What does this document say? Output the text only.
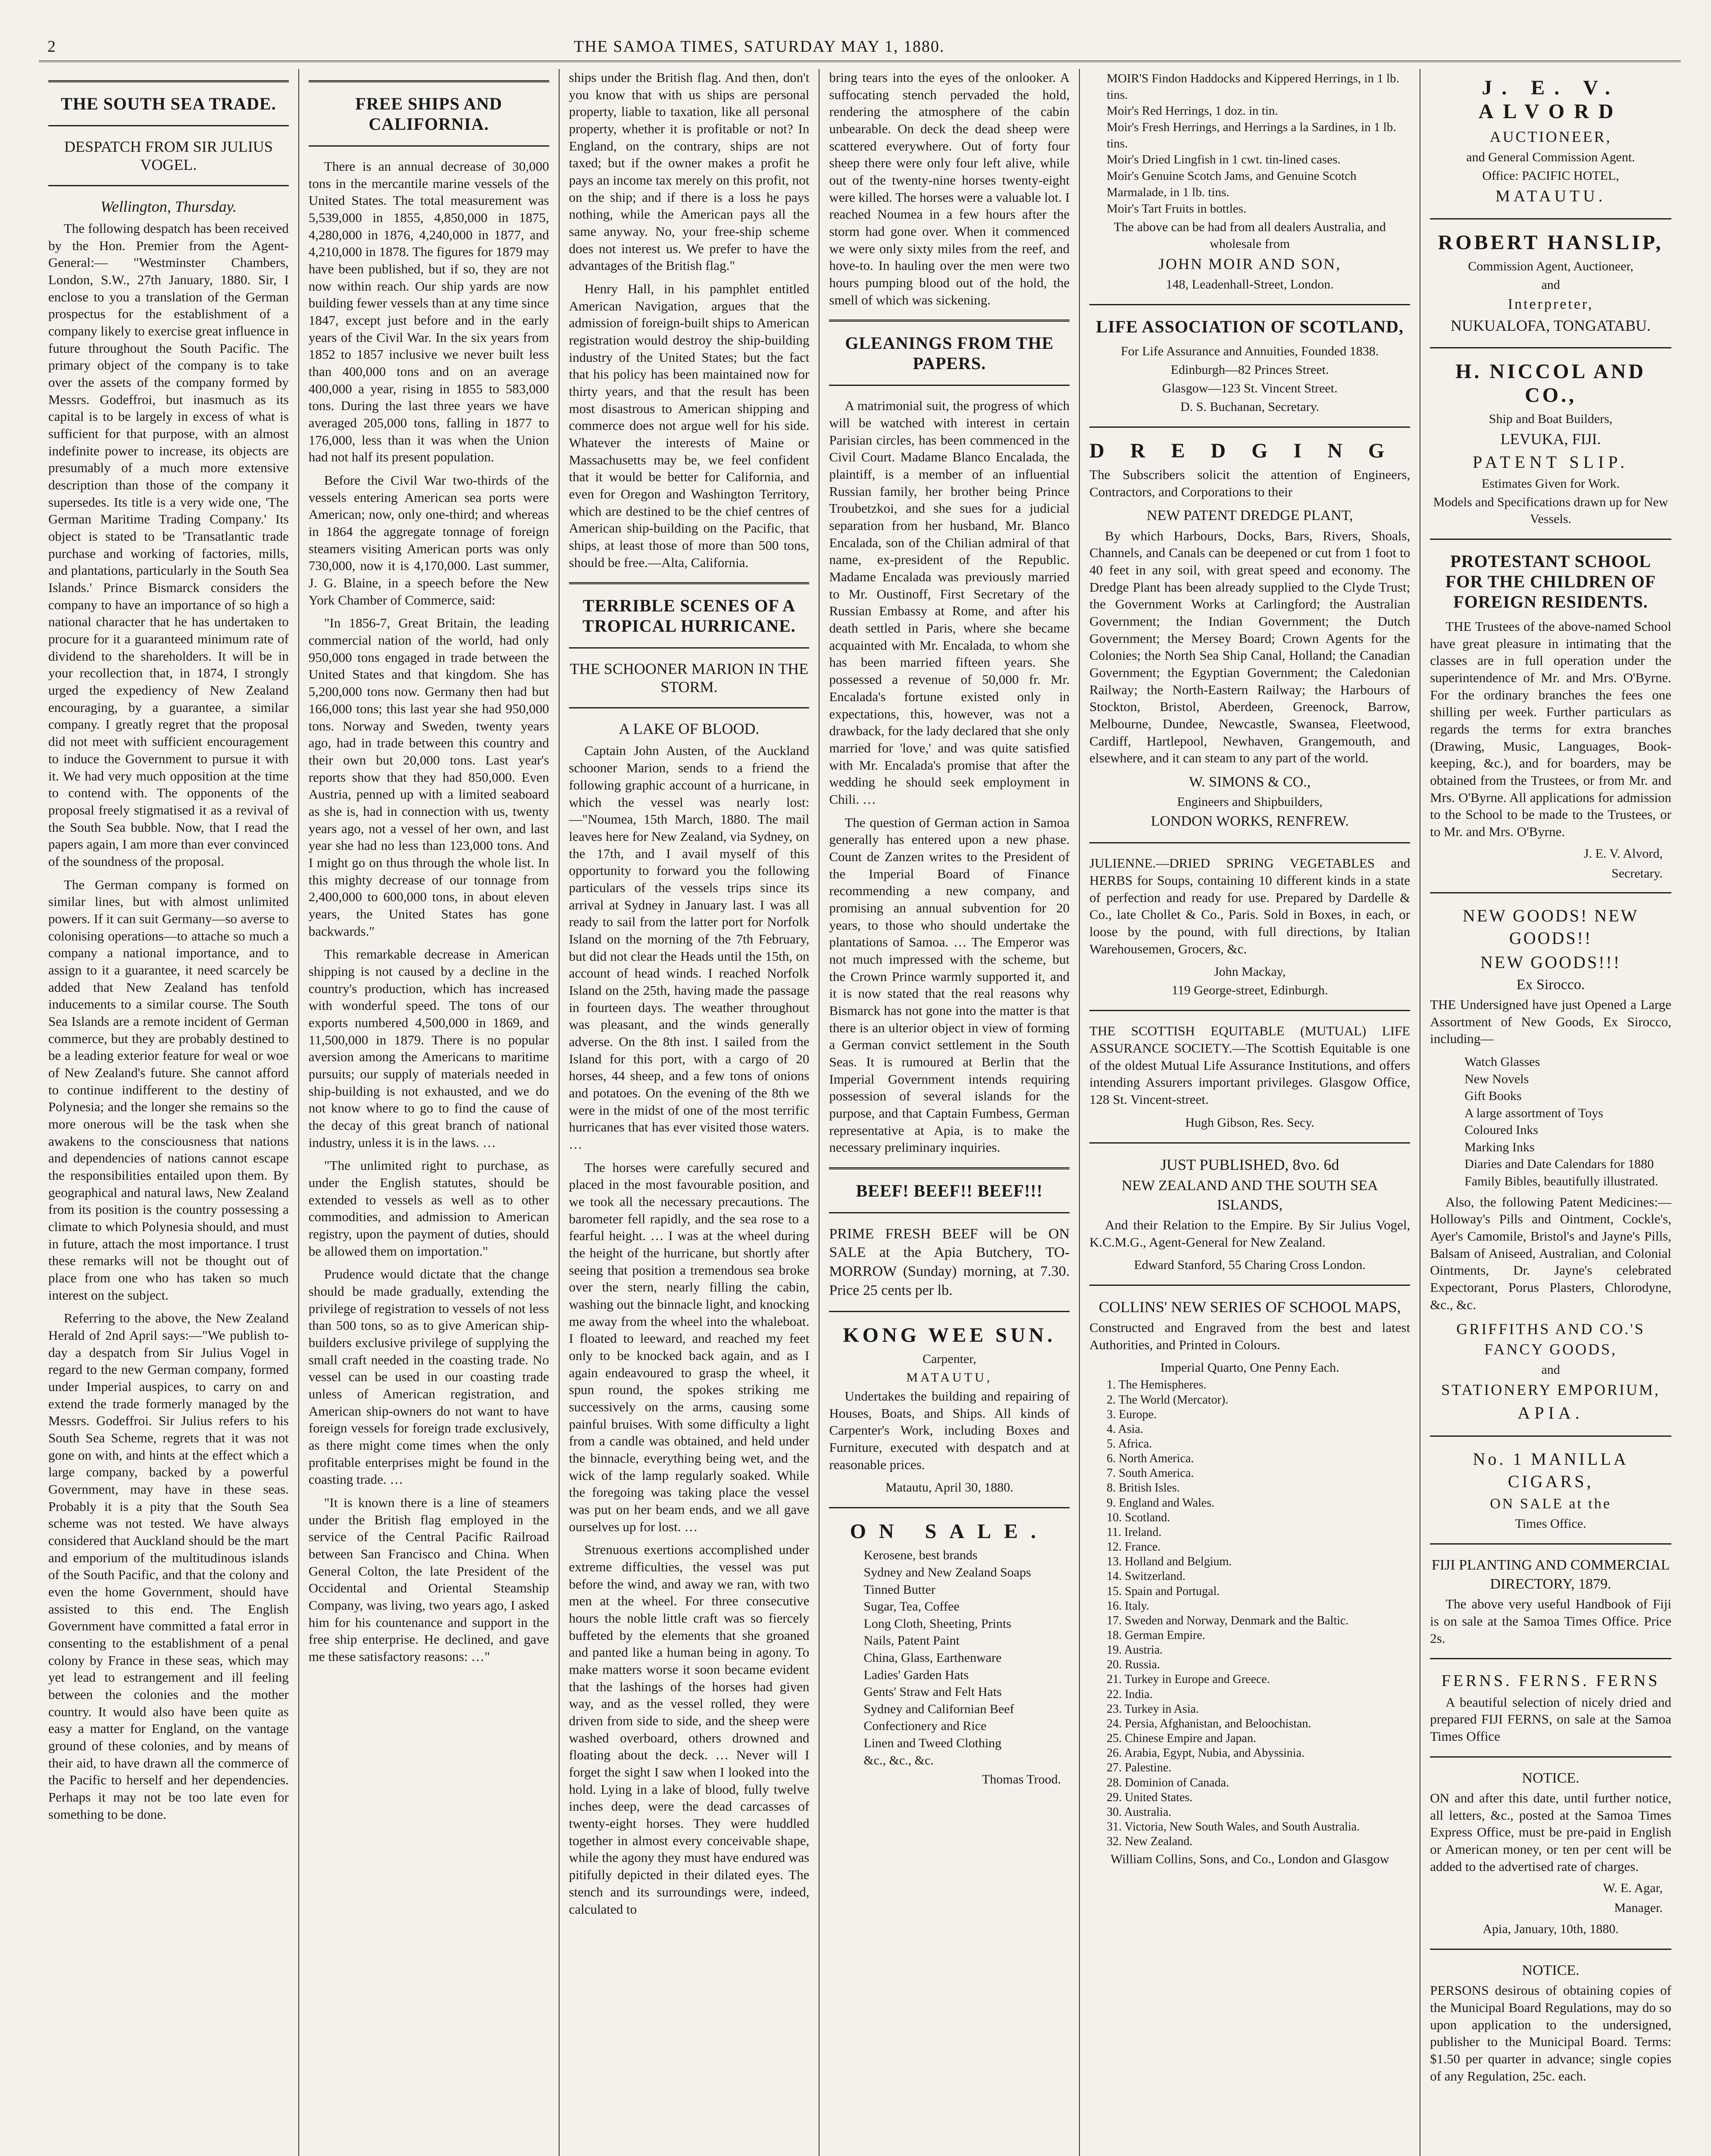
2	THE SAMOA TIMES, SATURDAY MAY 1, 1880.
THE SOUTH SEA TRADE.
DESPATCH FROM SIR JULIUS VOGEL.
Wellington, Thursday.

The following despatch has been received by the Hon. Premier from the Agent-General:— "Westminster Chambers, London, S.W., 27th January, 1880. Sir, I enclose to you a translation of the German prospectus for the establishment of a company likely to exercise great influence in future throughout the South Pacific. The primary object of the company is to take over the assets of the company formed by Messrs. Godeffroi, but inasmuch as its capital is to be largely in excess of what is sufficient for that purpose, with an almost indefinite power to increase, its objects are presumably of a much more extensive description than those of the company it supersedes. Its title is a very wide one, 'The German Maritime Trading Company.' Its object is stated to be 'Transatlantic trade purchase and working of factories, mills, and plantations, particularly in the South Sea Islands.' Prince Bismarck considers the company to have an importance of so high a national character that he has undertaken to procure for it a guaranteed minimum rate of dividend to the shareholders. It will be in your recollection that, in 1874, I strongly urged the expediency of New Zealand encouraging, by a guarantee, a similar company. I greatly regret that the proposal did not meet with sufficient encouragement to induce the Government to pursue it with it. We had very much opposition at the time to contend with. The opponents of the proposal freely stigmatised it as a revival of the South Sea bubble. Now, that I read the papers again, I am more than ever convinced of the soundness of the proposal.

The German company is formed on similar lines, but with almost unlimited powers. If it can suit Germany—so averse to colonising operations—to attache so much a company a national importance, and to assign to it a guarantee, it need scarcely be added that New Zealand has tenfold inducements to a similar course. The South Sea Islands are a remote incident of German commerce, but they are probably destined to be a leading exterior feature for weal or woe of New Zealand's future. She cannot afford to continue indifferent to the destiny of Polynesia; and the longer she remains so the more onerous will be the task when she awakens to the consciousness that nations and dependencies of nations cannot escape the responsibilities entailed upon them. By geographical and natural laws, New Zealand from its position is the country possessing a climate to which Polynesia should, and must in future, attach the most importance. I trust these remarks will not be thought out of place from one who has taken so much interest on the subject.

Referring to the above, the New Zealand Herald of 2nd April says:—"We publish to-day a despatch from Sir Julius Vogel in regard to the new German company, formed under Imperial auspices, to carry on and extend the trade formerly managed by the Messrs. Godeffroi. Sir Julius refers to his South Sea Scheme, regrets that it was not gone on with, and hints at the effect which a large company, backed by a powerful Government, may have in these seas. Probably it is a pity that the South Sea scheme was not tested. We have always considered that Auckland should be the mart and emporium of the multitudinous islands of the South Pacific, and that the colony and even the home Government, should have assisted to this end. The English Government have committed a fatal error in consenting to the establishment of a penal colony by France in these seas, which may yet lead to estrangement and ill feeling between the colonies and the mother country. It would also have been quite as easy a matter for England, on the vantage ground of these colonies, and by means of their aid, to have drawn all the commerce of the Pacific to herself and her dependencies. Perhaps it may not be too late even for something to be done.

FREE SHIPS AND CALIFORNIA.

There is an annual decrease of 30,000 tons in the mercantile marine vessels of the United States. The total measurement was 5,539,000 in 1855, 4,850,000 in 1875, 4,280,000 in 1876, 4,240,000 in 1877, and 4,210,000 in 1878. The figures for 1879 may have been published, but if so, they are not now within reach. Our ship yards are now building fewer vessels than at any time since 1847, except just before and in the early years of the Civil War. In the six years from 1852 to 1857 inclusive we never built less than 400,000 tons and on an average 400,000 a year, rising in 1855 to 583,000 tons. During the last three years we have averaged 205,000 tons, falling in 1877 to 176,000, less than it was when the Union had not half its present population.

Before the Civil War two-thirds of the vessels entering American sea ports were American; now, only one-third; and whereas in 1864 the aggregate tonnage of foreign steamers visiting American ports was only 730,000, now it is 4,170,000. Last summer, J. G. Blaine, in a speech before the New York Chamber of Commerce, said:

"In 1856-7, Great Britain, the leading commercial nation of the world, had only 950,000 tons engaged in trade between the United States and that kingdom. She has 5,200,000 tons now. Germany then had but 166,000 tons; this last year she had 950,000 tons. Norway and Sweden, twenty years ago, had in trade between this country and their own but 20,000 tons. Last year's reports show that they had 850,000. Even Austria, penned up with a limited seaboard as she is, had in connection with us, twenty years ago, not a vessel of her own, and last year she had no less than 123,000 tons. And I might go on thus through the whole list. In this mighty decrease of our tonnage from 2,400,000 to 600,000 tons, in about eleven years, the United States has gone backwards."

This remarkable decrease in American shipping is not caused by a decline in the country's production, which has increased with wonderful speed. The tons of our exports numbered 4,500,000 in 1869, and 11,500,000 in 1879. There is no popular aversion among the Americans to maritime pursuits; our supply of materials needed in ship-building is not exhausted, and we do not know where to go to find the cause of the decay of this great branch of national industry, unless it is in the laws. …

"The unlimited right to purchase, as under the English statutes, should be extended to vessels as well as to other commodities, and admission to American registry, upon the payment of duties, should be allowed them on importation."

Prudence would dictate that the change should be made gradually, extending the privilege of registration to vessels of not less than 500 tons, so as to give American ship-builders exclusive privilege of supplying the small craft needed in the coasting trade. No vessel can be used in our coasting trade unless of American registration, and American ship-owners do not want to have foreign vessels for foreign trade exclusively, as there might come times when the only profitable enterprises might be found in the coasting trade. …

"It is known there is a line of steamers under the British flag employed in the service of the Central Pacific Railroad between San Francisco and China. When General Colton, the late President of the Occidental and Oriental Steamship Company, was living, two years ago, I asked him for his countenance and support in the free ship enterprise. He declined, and gave me these satisfactory reasons: …"

ships under the British flag. And then, don't you know that with us ships are personal property, liable to taxation, like all personal property, whether it is profitable or not? In England, on the contrary, ships are not taxed; but if the owner makes a profit he pays an income tax merely on this profit, not on the ship; and if there is a loss he pays nothing, while the American pays all the same anyway. No, your free-ship scheme does not interest us. We prefer to have the advantages of the British flag."

Henry Hall, in his pamphlet entitled American Navigation, argues that the admission of foreign-built ships to American registration would destroy the ship-building industry of the United States; but the fact that his policy has been maintained now for thirty years, and that the result has been most disastrous to American shipping and commerce does not argue well for his side. Whatever the interests of Maine or Massachusetts may be, we feel confident that it would be better for California, and even for Oregon and Washington Territory, which are destined to be the chief centres of American ship-building on the Pacific, that ships, at least those of more than 500 tons, should be free.—Alta, California.

TERRIBLE SCENES OF A TROPICAL HURRICANE.
THE SCHOONER MARION IN THE STORM.
A LAKE OF BLOOD.

Captain John Austen, of the Auckland schooner Marion, sends to a friend the following graphic account of a hurricane, in which the vessel was nearly lost:—"Noumea, 15th March, 1880. The mail leaves here for New Zealand, via Sydney, on the 17th, and I avail myself of this opportunity to forward you the following particulars of the vessels trips since its arrival at Sydney in January last. I was all ready to sail from the latter port for Norfolk Island on the morning of the 7th February, but did not clear the Heads until the 15th, on account of head winds. I reached Norfolk Island on the 25th, having made the passage in fourteen days. The weather throughout was pleasant, and the winds generally adverse. On the 8th inst. I sailed from the Island for this port, with a cargo of 20 horses, 44 sheep, and a few tons of onions and potatoes. On the evening of the 8th we were in the midst of one of the most terrific hurricanes that has ever visited those waters. …

The horses were carefully secured and placed in the most favourable position, and we took all the necessary precautions. The barometer fell rapidly, and the sea rose to a fearful height. … I was at the wheel during the height of the hurricane, but shortly after seeing that position a tremendous sea broke over the stern, nearly filling the cabin, washing out the binnacle light, and knocking me away from the wheel into the whaleboat. I floated to leeward, and reached my feet only to be knocked back again, and as I again endeavoured to grasp the wheel, it spun round, the spokes striking me successively on the arms, causing some painful bruises. With some difficulty a light from a candle was obtained, and held under the binnacle, everything being wet, and the wick of the lamp regularly soaked. While the foregoing was taking place the vessel was put on her beam ends, and we all gave ourselves up for lost. …

Strenuous exertions accomplished under extreme difficulties, the vessel was put before the wind, and away we ran, with two men at the wheel. For three consecutive hours the noble little craft was so fiercely buffeted by the elements that she groaned and panted like a human being in agony. To make matters worse it soon became evident that the lashings of the horses had given way, and as the vessel rolled, they were driven from side to side, and the sheep were washed overboard, others drowned and floating about the deck. … Never will I forget the sight I saw when I looked into the hold. Lying in a lake of blood, fully twelve inches deep, were the dead carcasses of twenty-eight horses. They were huddled together in almost every conceivable shape, while the agony they must have endured was pitifully depicted in their dilated eyes. The stench and its surroundings were, indeed, calculated to

bring tears into the eyes of the onlooker. A suffocating stench pervaded the hold, rendering the atmosphere of the cabin unbearable. On deck the dead sheep were scattered everywhere. Out of forty four sheep there were only four left alive, while out of the twenty-nine horses twenty-eight were killed. The horses were a valuable lot. I reached Noumea in a few hours after the storm had gone over. When it commenced we were only sixty miles from the reef, and hove-to. In hauling over the men were two hours pumping blood out of the hold, the smell of which was sickening.

GLEANINGS FROM THE PAPERS.

A matrimonial suit, the progress of which will be watched with interest in certain Parisian circles, has been commenced in the Civil Court. Madame Blanco Encalada, the plaintiff, is a member of an influential Russian family, her brother being Prince Troubetzkoi, and she sues for a judicial separation from her husband, Mr. Blanco Encalada, son of the Chilian admiral of that name, ex-president of the Republic. Madame Encalada was previously married to Mr. Oustinoff, First Secretary of the Russian Embassy at Rome, and after his death settled in Paris, where she became acquainted with Mr. Encalada, to whom she has been married fifteen years. She possessed a revenue of 50,000 fr. Mr. Encalada's fortune existed only in expectations, this, however, was not a drawback, for the lady declared that she only married for 'love,' and was quite satisfied with Mr. Encalada's promise that after the wedding he should seek employment in Chili. …

The question of German action in Samoa generally has entered upon a new phase. Count de Zanzen writes to the President of the Imperial Board of Finance recommending a new company, and promising an annual subvention for 20 years, to those who should undertake the plantations of Samoa. … The Emperor was not much impressed with the scheme, but the Crown Prince warmly supported it, and it is now stated that the real reasons why Bismarck has not gone into the matter is that there is an ulterior object in view of forming a German convict settlement in the South Seas. It is rumoured at Berlin that the Imperial Government intends requiring possession of several islands for the purpose, and that Captain Fumbess, German representative at Apia, is to make the necessary preliminary inquiries.

BEEF! BEEF!! BEEF!!!

PRIME FRESH BEEF will be ON SALE at the Apia Butchery, TO-MORROW (Sunday) morning, at 7.30. Price 25 cents per lb.

KONG WEE SUN.
Carpenter,
MATAUTU,

Undertakes the building and repairing of Houses, Boats, and Ships. All kinds of Carpenter's Work, including Boxes and Furniture, executed with despatch and at reasonable prices.

Matautu, April 30, 1880.
ON SALE.
Kerosene, best brands
Sydney and New Zealand Soaps
Tinned Butter
Sugar, Tea, Coffee
Long Cloth, Sheeting, Prints
Nails, Patent Paint
China, Glass, Earthenware
Ladies' Garden Hats
Gents' Straw and Felt Hats
Sydney and Californian Beef
Confectionery and Rice
Linen and Tweed Clothing
&c., &c., &c.
Thomas Trood.
MOIR'S Findon Haddocks and Kippered Herrings, in 1 lb. tins.
Moir's Red Herrings, 1 doz. in tin.
Moir's Fresh Herrings, and Herrings a la Sardines, in 1 lb. tins.
Moir's Dried Lingfish in 1 cwt. tin-lined cases.
Moir's Genuine Scotch Jams, and Genuine Scotch Marmalade, in 1 lb. tins.
Moir's Tart Fruits in bottles.
The above can be had from all dealers Australia, and wholesale from
JOHN MOIR AND SON,
148, Leadenhall-Street, London.
LIFE ASSOCIATION OF SCOTLAND,
For Life Assurance and Annuities, Founded 1838.
Edinburgh—82 Princes Street.
Glasgow—123 St. Vincent Street.
D. S. Buchanan, Secretary.
DREDGING

The Subscribers solicit the attention of Engineers, Contractors, and Corporations to their

NEW PATENT DREDGE PLANT,

By which Harbours, Docks, Bars, Rivers, Shoals, Channels, and Canals can be deepened or cut from 1 foot to 40 feet in any soil, with great speed and economy. The Dredge Plant has been already supplied to the Clyde Trust; the Government Works at Carlingford; the Australian Government; the Indian Government; the Dutch Government; the Mersey Board; Crown Agents for the Colonies; the North Sea Ship Canal, Holland; the Canadian Government; the Egyptian Government; the Caledonian Railway; the North-Eastern Railway; the Harbours of Stockton, Bristol, Aberdeen, Greenock, Barrow, Melbourne, Dundee, Newcastle, Swansea, Fleetwood, Cardiff, Hartlepool, Newhaven, Grangemouth, and elsewhere, and it can steam to any part of the world.

W. SIMONS & CO.,
Engineers and Shipbuilders,
LONDON WORKS, RENFREW.

JULIENNE.—DRIED SPRING VEGETABLES and HERBS for Soups, containing 10 different kinds in a state of perfection and ready for use. Prepared by Dardelle & Co., late Chollet & Co., Paris. Sold in Boxes, in each, or loose by the pound, with full directions, by Italian Warehousemen, Grocers, &c.

John Mackay,
119 George-street, Edinburgh.

THE SCOTTISH EQUITABLE (MUTUAL) LIFE ASSURANCE SOCIETY.—The Scottish Equitable is one of the oldest Mutual Life Assurance Institutions, and offers intending Assurers important privileges. Glasgow Office, 128 St. Vincent-street.

Hugh Gibson, Res. Secy.
JUST PUBLISHED, 8vo. 6d
NEW ZEALAND AND THE SOUTH SEA ISLANDS,

And their Relation to the Empire. By Sir Julius Vogel, K.C.M.G., Agent-General for New Zealand.

Edward Stanford, 55 Charing Cross London.
COLLINS' NEW SERIES OF SCHOOL MAPS,

Constructed and Engraved from the best and latest Authorities, and Printed in Colours.

Imperial Quarto, One Penny Each.
1. The Hemispheres.
2. The World (Mercator).
3. Europe.
4. Asia.
5. Africa.
6. North America.
7. South America.
8. British Isles.
9. England and Wales.
10. Scotland.
11. Ireland.
12. France.
13. Holland and Belgium.
14. Switzerland.
15. Spain and Portugal.
16. Italy.
17. Sweden and Norway, Denmark and the Baltic.
18. German Empire.
19. Austria.
20. Russia.
21. Turkey in Europe and Greece.
22. India.
23. Turkey in Asia.
24. Persia, Afghanistan, and Beloochistan.
25. Chinese Empire and Japan.
26. Arabia, Egypt, Nubia, and Abyssinia.
27. Palestine.
28. Dominion of Canada.
29. United States.
30. Australia.
31. Victoria, New South Wales, and South Australia.
32. New Zealand.
William Collins, Sons, and Co., London and Glasgow
J. E. V. ALVORD
AUCTIONEER,
and General Commission Agent.
Office: PACIFIC HOTEL,
MATAUTU.
ROBERT HANSLIP,
Commission Agent, Auctioneer,
and
Interpreter,
NUKUALOFA, TONGATABU.
H. NICCOL AND CO.,
Ship and Boat Builders,
LEVUKA, FIJI.
PATENT SLIP.
Estimates Given for Work.
Models and Specifications drawn up for New Vessels.
PROTESTANT SCHOOL FOR THE CHILDREN OF FOREIGN RESIDENTS.

THE Trustees of the above-named School have great pleasure in intimating that the classes are in full operation under the superintendence of Mr. and Mrs. O'Byrne. For the ordinary branches the fees one shilling per week. Further particulars as regards the terms for extra branches (Drawing, Music, Languages, Book-keeping, &c.), and for boarders, may be obtained from the Trustees, or from Mr. and Mrs. O'Byrne. All applications for admission to the School to be made to the Trustees, or to Mr. and Mrs. O'Byrne.

J. E. V. Alvord,
Secretary.
NEW GOODS! NEW GOODS!!
NEW GOODS!!!
Ex Sirocco.

THE Undersigned have just Opened a Large Assortment of New Goods, Ex Sirocco, including—

Watch Glasses
New Novels
Gift Books
A large assortment of Toys
Coloured Inks
Marking Inks
Diaries and Date Calendars for 1880
Family Bibles, beautifully illustrated.

Also, the following Patent Medicines:—Holloway's Pills and Ointment, Cockle's, Ayer's Camomile, Bristol's and Jayne's Pills, Balsam of Aniseed, Australian, and Colonial Ointments, Dr. Jayne's celebrated Expectorant, Porus Plasters, Chlorodyne, &c., &c.

GRIFFITHS AND CO.'S FANCY GOODS,
and
STATIONERY EMPORIUM,
APIA.
No. 1 MANILLA CIGARS,
ON SALE at the
Times Office.
FIJI PLANTING AND COMMERCIAL DIRECTORY, 1879.

The above very useful Handbook of Fiji is on sale at the Samoa Times Office. Price 2s.

FERNS. FERNS. FERNS

A beautiful selection of nicely dried and prepared FIJI FERNS, on sale at the Samoa Times Office

NOTICE.

ON and after this date, until further notice, all letters, &c., posted at the Samoa Times Express Office, must be pre-paid in English or American money, or ten per cent will be added to the advertised rate of charges.

W. E. Agar,
Manager.
Apia, January, 10th, 1880.
NOTICE.

PERSONS desirous of obtaining copies of the Municipal Board Regulations, may do so upon application to the undersigned, publisher to the Municipal Board. Terms: $1.50 per quarter in advance; single copies of any Regulation, 25c. each.
